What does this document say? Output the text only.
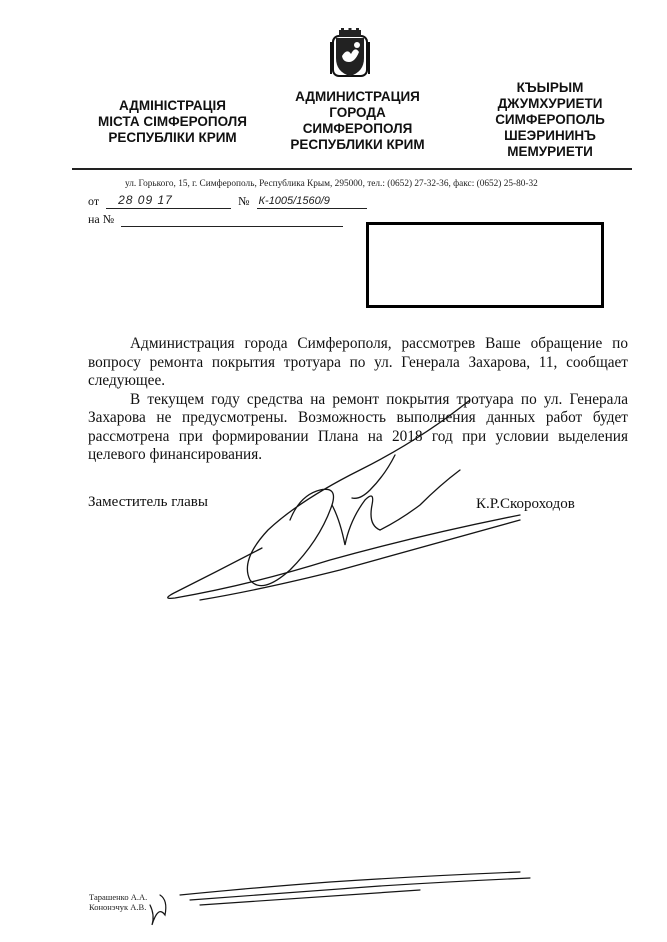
АДМІНІСТРАЦІЯ
МІСТА СІМФЕРОПОЛЯ
РЕСПУБЛІКИ КРИМ
АДМИНИСТРАЦИЯ
ГОРОДА
СИМФЕРОПОЛЯ
РЕСПУБЛИКИ КРИМ
КЪЫРЫМ
ДЖУМХУРИЕТИ
СИМФЕРОПОЛЬ
ШЕЭРИНИНЪ
МЕМУРИЕТИ
ул. Горького, 15, г. Симферополь, Республика Крым, 295000, тел.: (0652) 27-32-36, факс: (0652) 25-80-32
от 28 09 17	№ К-1005/1560/9
на №

Администрация города Симферополя, рассмотрев Ваше обращение по вопросу ремонта покрытия тротуара по ул. Генерала Захарова, 11, сообщает следующее.

В текущем году средства на ремонт покрытия тротуара по ул. Генерала Захарова не предусмотрены. Возможность выполнения данных работ будет рассмотрена при формировании Плана на 2018 год при условии выделения целевого финансирования.

Заместитель главы	К.Р.Скороходов
Тарашенко А.А.
Кононэчук А.В.
